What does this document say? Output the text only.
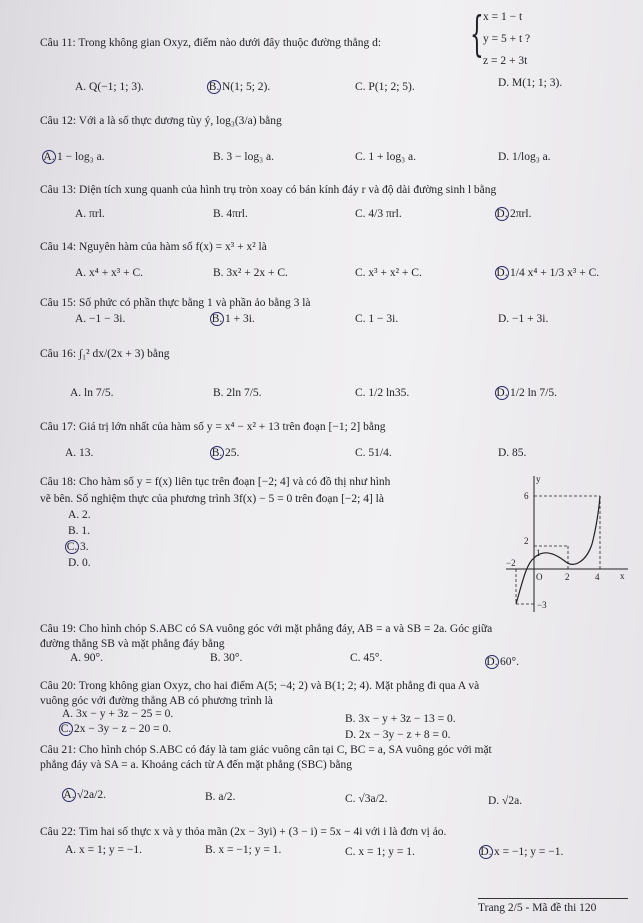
Câu 11: Trong không gian Oxyz, điểm nào dưới đây thuộc đường thẳng d: { x = 1 − t
y = 5 + t ?
z = 2 + 3t
A. Q(−1; 1; 3).	B. N(1; 5; 2).	C. P(1; 2; 5).	D. M(1; 1; 3).
Câu 12: Với a là số thực dương tùy ý, log₃(3/a) bằng
A. 1 − log₃ a.	B. 3 − log₃ a.	C. 1 + log₃ a.	D. 1/log₃ a.
Câu 13: Diện tích xung quanh của hình trụ tròn xoay có bán kính đáy r và độ dài đường sinh l bằng
A. πrl.	B. 4πrl.	C. 4/3 πrl.	D. 2πrl.
Câu 14: Nguyên hàm của hàm số f(x) = x³ + x² là
A. x⁴ + x³ + C.	B. 3x² + 2x + C.	C. x³ + x² + C.	D. 1/4 x⁴ + 1/3 x³ + C.
Câu 15: Số phức có phần thực bằng 1 và phần ảo bằng 3 là
A. −1 − 3i.	B. 1 + 3i.	C. 1 − 3i.	D. −1 + 3i.
Câu 16: ∫₁² dx/(2x + 3) bằng
A. ln 7/5.	B. 2ln 7/5.	C. 1/2 ln35.	D. 1/2 ln 7/5.
Câu 17: Giá trị lớn nhất của hàm số y = x⁴ − x² + 13 trên đoạn [−1; 2] bằng
A. 13.	B. 25.	C. 51/4.	D. 85.
Câu 18: Cho hàm số y = f(x) liên tục trên đoạn [−2; 4] và có đồ thị như hình
vẽ bên. Số nghiệm thực của phương trình 3f(x) − 5 = 0 trên đoạn [−2; 4] là
A. 2.
B. 1.
C. 3.
D. 0.
y
x
6
2
1
−2
O	2	4
−3
Câu 19: Cho hình chóp S.ABC có SA vuông góc với mặt phẳng đáy, AB = a và SB = 2a. Góc giữa
đường thẳng SB và mặt phẳng đáy bằng
A. 90°.	B. 30°.	C. 45°.	D. 60°.
Câu 20: Trong không gian Oxyz, cho hai điểm A(5; −4; 2) và B(1; 2; 4). Mặt phẳng đi qua A và
vuông góc với đường thẳng AB có phương trình là
A. 3x − y + 3z − 25 = 0.	B. 3x − y + 3z − 13 = 0.
C. 2x − 3y − z − 20 = 0.	D. 2x − 3y − z + 8 = 0.
Câu 21: Cho hình chóp S.ABC có đáy là tam giác vuông cân tại C, BC = a, SA vuông góc với mặt
phẳng đáy và SA = a. Khoảng cách từ A đến mặt phẳng (SBC) bằng
A. √2a/2.	B. a/2.	C. √3a/2.	D. √2a.
Câu 22: Tìm hai số thực x và y thỏa mãn (2x − 3yi) + (3 − i) = 5x − 4i với i là đơn vị ảo.
A. x = 1; y = −1.	B. x = −1; y = 1.	C. x = 1; y = 1.	D. x = −1; y = −1.
Trang 2/5 - Mã đề thi 120
